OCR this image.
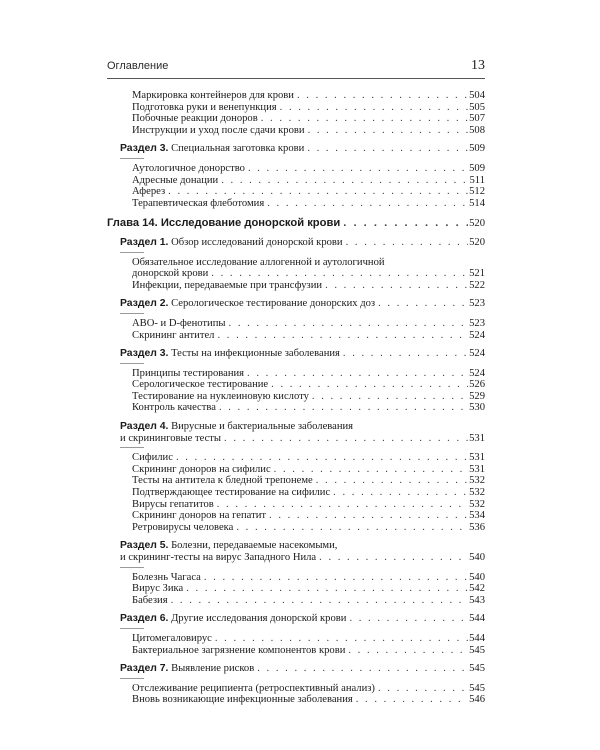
Оглавление	13
Маркировка контейнеров для крови . . .	504
Подготовка руки и венепункция . . .	505
Побочные реакции доноров . . .	507
Инструкции и уход после сдачи крови . . .	508
Раздел 3. Специальная заготовка крови . . .	509
Аутологичное донорство . . .	509
Адресные донации . . .	511
Аферез . . .	512
Терапевтическая флеботомия . . .	514
Глава 14. Исследование донорской крови . . .	520
Раздел 1. Обзор исследований донорской крови . . .	520
Обязательное исследование аллогенной и аутологичной
донорской крови . . .	521
Инфекции, передаваемые при трансфузии . . .	522
Раздел 2. Серологическое тестирование донорских доз . . .	523
ABO- и D-фенотипы . . .	523
Скрининг антител . . .	524
Раздел 3. Тесты на инфекционные заболевания . . .	524
Принципы тестирования . . .	524
Серологическое тестирование . . .	526
Тестирование на нуклеиновую кислоту . . .	529
Контроль качества . . .	530
Раздел 4. Вирусные и бактериальные заболевания
и скрининговые тесты . . .	531
Сифилис . . .	531
Скрининг доноров на сифилис . . .	531
Тесты на антитела к бледной трепонеме . . .	532
Подтверждающее тестирование на сифилис . . .	532
Вирусы гепатитов . . .	532
Скрининг доноров на гепатит . . .	534
Ретровирусы человека . . .	536
Раздел 5. Болезни, передаваемые насекомыми,
и скрининг-тесты на вирус Западного Нила . . .	540
Болезнь Чагаса . . .	540
Вирус Зика . . .	542
Бабезия . . .	543
Раздел 6. Другие исследования донорской крови . . .	544
Цитомегаловирус . . .	544
Бактериальное загрязнение компонентов крови . . .	545
Раздел 7. Выявление рисков . . .	545
Отслеживание реципиента (ретроспективный анализ) . . .	545
Вновь возникающие инфекционные заболевания . . .	546
